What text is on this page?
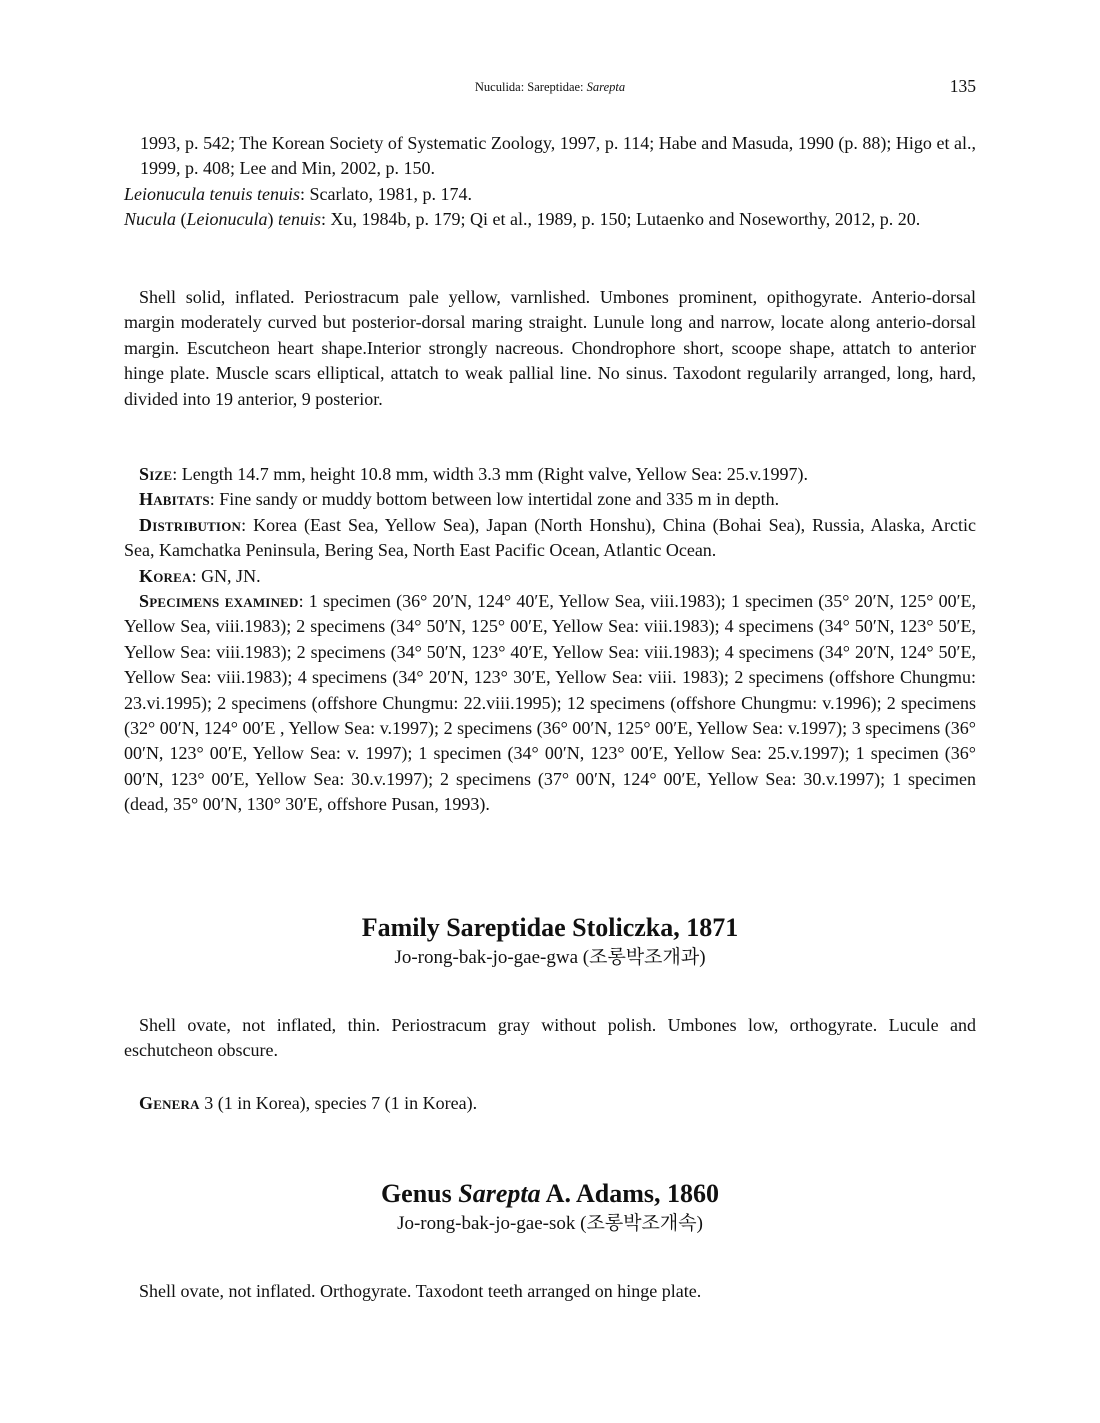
Nuculida: Sareptidae: Sarepta	135

1993, p. 542; The Korean Society of Systematic Zoology, 1997, p. 114; Habe and Masuda, 1990 (p. 88); Higo et al., 1999, p. 408; Lee and Min, 2002, p. 150.

Leionucula tenuis tenuis: Scarlato, 1981, p. 174.

Nucula (Leionucula) tenuis: Xu, 1984b, p. 179; Qi et al., 1989, p. 150; Lutaenko and Noseworthy, 2012, p. 20.

Shell solid, inflated. Periostracum pale yellow, varnlished. Umbones prominent, opithogyrate. Anterio-dorsal margin moderately curved but posterior-dorsal maring straight. Lunule long and narrow, locate along anterio-dorsal margin. Escutcheon heart shape.Interior strongly nacreous. Chondrophore short, scoope shape, attatch to anterior hinge plate. Muscle scars elliptical, attatch to weak pallial line. No sinus. Taxodont regularily arranged, long, hard, divided into 19 anterior, 9 posterior.

Size: Length 14.7 mm, height 10.8 mm, width 3.3 mm (Right valve, Yellow Sea: 25.v.1997).

Habitats: Fine sandy or muddy bottom between low intertidal zone and 335 m in depth.

Distribution: Korea (East Sea, Yellow Sea), Japan (North Honshu), China (Bohai Sea), Russia, Alaska, Arctic Sea, Kamchatka Peninsula, Bering Sea, North East Pacific Ocean, Atlantic Ocean.

Korea: GN, JN.

Specimens examined: 1 specimen (36° 20′N, 124° 40′E, Yellow Sea, viii.1983); 1 specimen (35° 20′N, 125° 00′E, Yellow Sea, viii.1983); 2 specimens (34° 50′N, 125° 00′E, Yellow Sea: viii.1983); 4 specimens (34° 50′N, 123° 50′E, Yellow Sea: viii.1983); 2 specimens (34° 50′N, 123° 40′E, Yellow Sea: viii.1983); 4 specimens (34° 20′N, 124° 50′E, Yellow Sea: viii.1983); 4 specimens (34° 20′N, 123° 30′E, Yellow Sea: viii. 1983); 2 specimens (offshore Chungmu: 23.vi.1995); 2 specimens (offshore Chungmu: 22.viii.1995); 12 specimens (offshore Chungmu: v.1996); 2 specimens (32° 00′N, 124° 00′E , Yellow Sea: v.1997); 2 specimens (36° 00′N, 125° 00′E, Yellow Sea: v.1997); 3 specimens (36° 00′N, 123° 00′E, Yellow Sea: v. 1997); 1 specimen (34° 00′N, 123° 00′E, Yellow Sea: 25.v.1997); 1 specimen (36° 00′N, 123° 00′E, Yellow Sea: 30.v.1997); 2 specimens (37° 00′N, 124° 00′E, Yellow Sea: 30.v.1997); 1 specimen (dead, 35° 00′N, 130° 30′E, offshore Pusan, 1993).

Family Sareptidae Stoliczka, 1871
Jo-rong-bak-jo-gae-gwa (조롱박조개과)

Shell ovate, not inflated, thin. Periostracum gray without polish. Umbones low, orthogyrate. Lucule and eschutcheon obscure.

Genera 3 (1 in Korea), species 7 (1 in Korea).

Genus Sarepta A. Adams, 1860
Jo-rong-bak-jo-gae-sok (조롱박조개속)

Shell ovate, not inflated. Orthogyrate. Taxodont teeth arranged on hinge plate.
